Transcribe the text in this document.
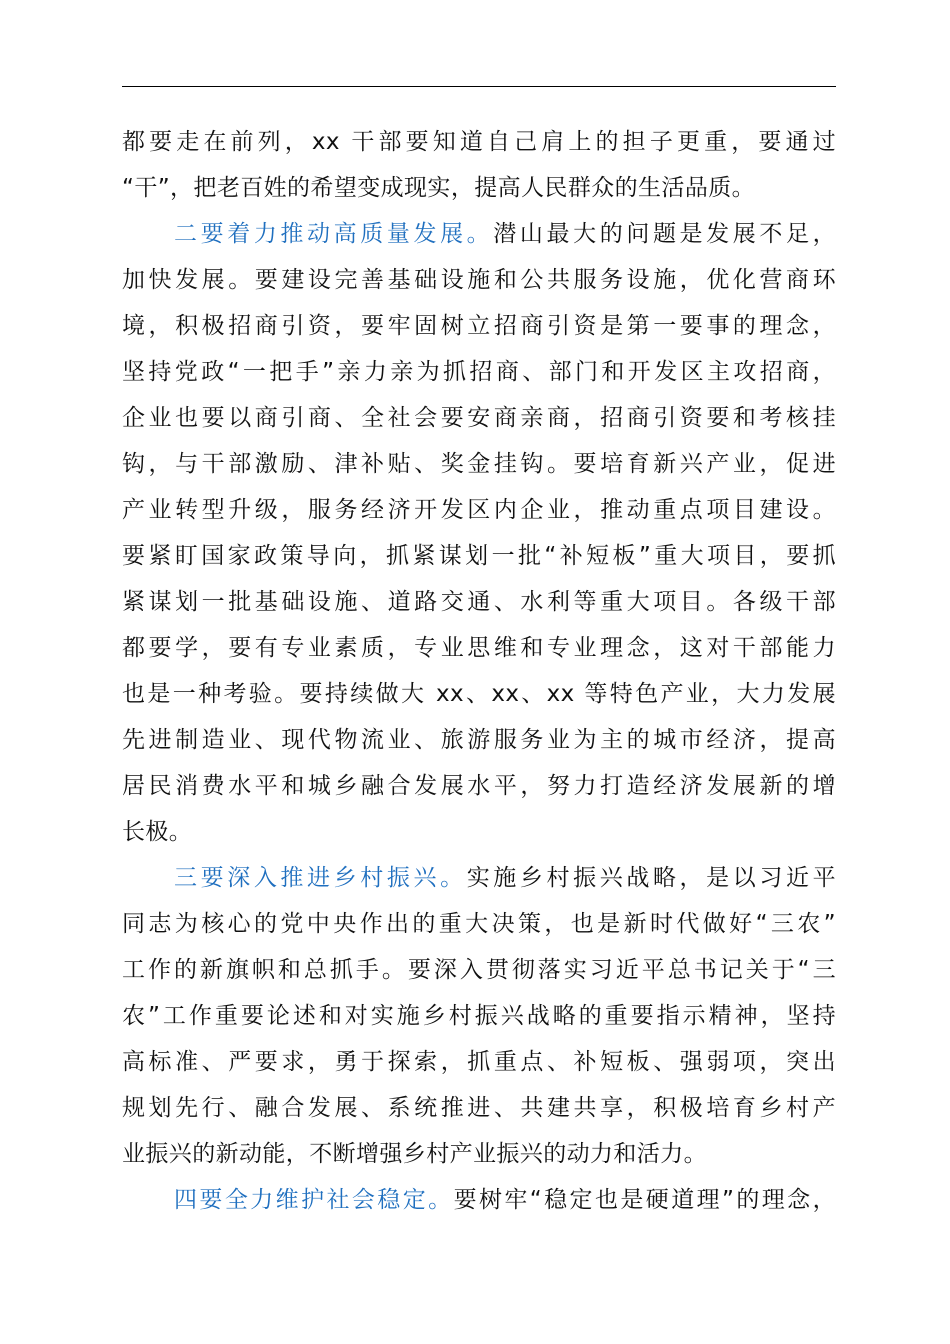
都要走在前列，xx 干部要知道自己肩上的担子更重，要通过
“干”，把老百姓的希望变成现实，提高人民群众的生活品质。
二要着力推动高质量发展。潜山最大的问题是发展不足，
加快发展。要建设完善基础设施和公共服务设施，优化营商环
境，积极招商引资，要牢固树立招商引资是第一要事的理念，
坚持党政“一把手”亲力亲为抓招商、部门和开发区主攻招商，
企业也要以商引商、全社会要安商亲商，招商引资要和考核挂
钩，与干部激励、津补贴、奖金挂钩。要培育新兴产业，促进
产业转型升级，服务经济开发区内企业，推动重点项目建设。
要紧盯国家政策导向，抓紧谋划一批“补短板”重大项目，要抓
紧谋划一批基础设施、道路交通、水利等重大项目。各级干部
都要学，要有专业素质，专业思维和专业理念，这对干部能力
也是一种考验。要持续做大 xx、xx、xx 等特色产业，大力发展
先进制造业、现代物流业、旅游服务业为主的城市经济，提高
居民消费水平和城乡融合发展水平，努力打造经济发展新的增
长极。
三要深入推进乡村振兴。实施乡村振兴战略，是以习近平
同志为核心的党中央作出的重大决策，也是新时代做好“三农”
工作的新旗帜和总抓手。要深入贯彻落实习近平总书记关于“三
农”工作重要论述和对实施乡村振兴战略的重要指示精神，坚持
高标准、严要求，勇于探索，抓重点、补短板、强弱项，突出
规划先行、融合发展、系统推进、共建共享，积极培育乡村产
业振兴的新动能，不断增强乡村产业振兴的动力和活力。
四要全力维护社会稳定。要树牢“稳定也是硬道理”的理念，
